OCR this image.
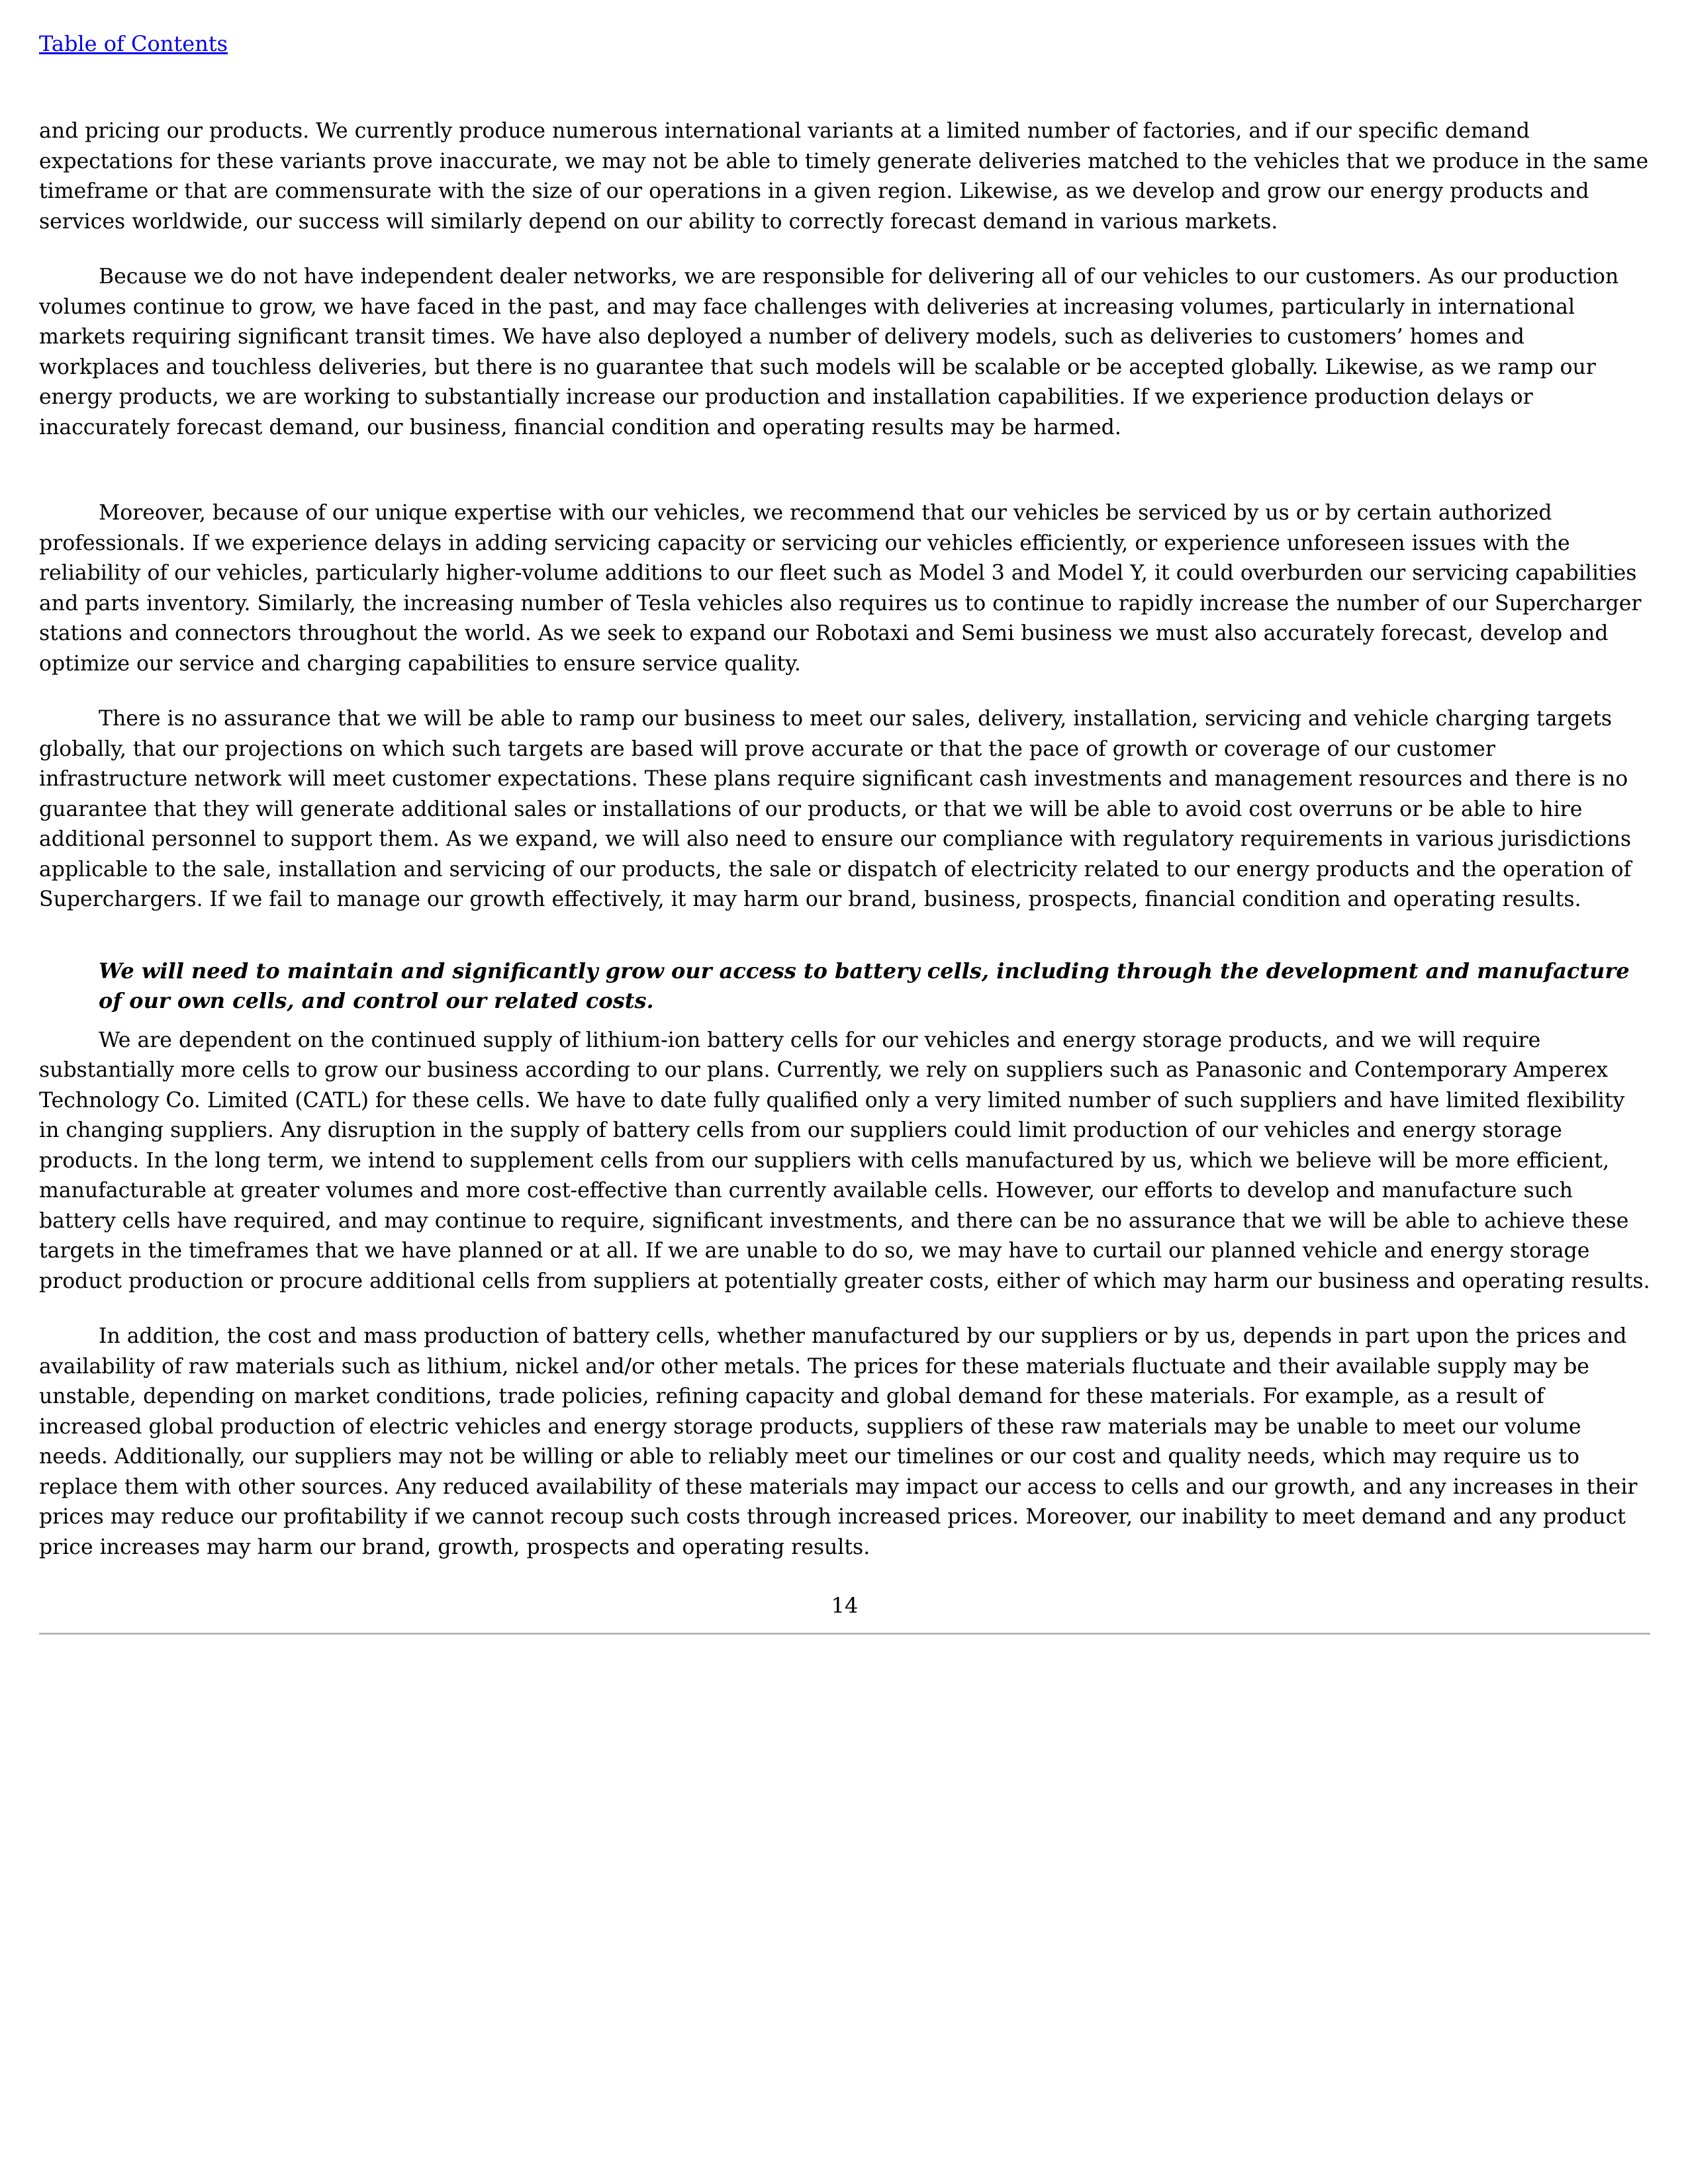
Table of Contents

and pricing our products. We currently produce numerous international variants at a limited number of factories, and if our specific demand expectations for these variants prove inaccurate, we may not be able to timely generate deliveries matched to the vehicles that we produce in the same timeframe or that are commensurate with the size of our operations in a given region. Likewise, as we develop and grow our energy products and services worldwide, our success will similarly depend on our ability to correctly forecast demand in various markets.

Because we do not have independent dealer networks, we are responsible for delivering all of our vehicles to our customers. As our production volumes continue to grow, we have faced in the past, and may face challenges with deliveries at increasing volumes, particularly in international markets requiring significant transit times. We have also deployed a number of delivery models, such as deliveries to customers’ homes and workplaces and touchless deliveries, but there is no guarantee that such models will be scalable or be accepted globally. Likewise, as we ramp our energy products, we are working to substantially increase our production and installation capabilities. If we experience production delays or inaccurately forecast demand, our business, financial condition and operating results may be harmed.

Moreover, because of our unique expertise with our vehicles, we recommend that our vehicles be serviced by us or by certain authorized professionals. If we experience delays in adding servicing capacity or servicing our vehicles efficiently, or experience unforeseen issues with the reliability of our vehicles, particularly higher-volume additions to our fleet such as Model 3 and Model Y, it could overburden our servicing capabilities and parts inventory. Similarly, the increasing number of Tesla vehicles also requires us to continue to rapidly increase the number of our Supercharger stations and connectors throughout the world. As we seek to expand our Robotaxi and Semi business we must also accurately forecast, develop and optimize our service and charging capabilities to ensure service quality.

There is no assurance that we will be able to ramp our business to meet our sales, delivery, installation, servicing and vehicle charging targets globally, that our projections on which such targets are based will prove accurate or that the pace of growth or coverage of our customer infrastructure network will meet customer expectations. These plans require significant cash investments and management resources and there is no guarantee that they will generate additional sales or installations of our products, or that we will be able to avoid cost overruns or be able to hire additional personnel to support them. As we expand, we will also need to ensure our compliance with regulatory requirements in various jurisdictions applicable to the sale, installation and servicing of our products, the sale or dispatch of electricity related to our energy products and the operation of Superchargers. If we fail to manage our growth effectively, it may harm our brand, business, prospects, financial condition and operating results.

We will need to maintain and significantly grow our access to battery cells, including through the development and manufacture of our own cells, and control our related costs.

We are dependent on the continued supply of lithium-ion battery cells for our vehicles and energy storage products, and we will require substantially more cells to grow our business according to our plans. Currently, we rely on suppliers such as Panasonic and Contemporary Amperex Technology Co. Limited (CATL) for these cells. We have to date fully qualified only a very limited number of such suppliers and have limited flexibility in changing suppliers. Any disruption in the supply of battery cells from our suppliers could limit production of our vehicles and energy storage products. In the long term, we intend to supplement cells from our suppliers with cells manufactured by us, which we believe will be more efficient, manufacturable at greater volumes and more cost-effective than currently available cells. However, our efforts to develop and manufacture such battery cells have required, and may continue to require, significant investments, and there can be no assurance that we will be able to achieve these targets in the timeframes that we have planned or at all. If we are unable to do so, we may have to curtail our planned vehicle and energy storage product production or procure additional cells from suppliers at potentially greater costs, either of which may harm our business and operating results.

In addition, the cost and mass production of battery cells, whether manufactured by our suppliers or by us, depends in part upon the prices and availability of raw materials such as lithium, nickel and/or other metals. The prices for these materials fluctuate and their available supply may be unstable, depending on market conditions, trade policies, refining capacity and global demand for these materials. For example, as a result of increased global production of electric vehicles and energy storage products, suppliers of these raw materials may be unable to meet our volume needs. Additionally, our suppliers may not be willing or able to reliably meet our timelines or our cost and quality needs, which may require us to replace them with other sources. Any reduced availability of these materials may impact our access to cells and our growth, and any increases in their prices may reduce our profitability if we cannot recoup such costs through increased prices. Moreover, our inability to meet demand and any product price increases may harm our brand, growth, prospects and operating results.

14
